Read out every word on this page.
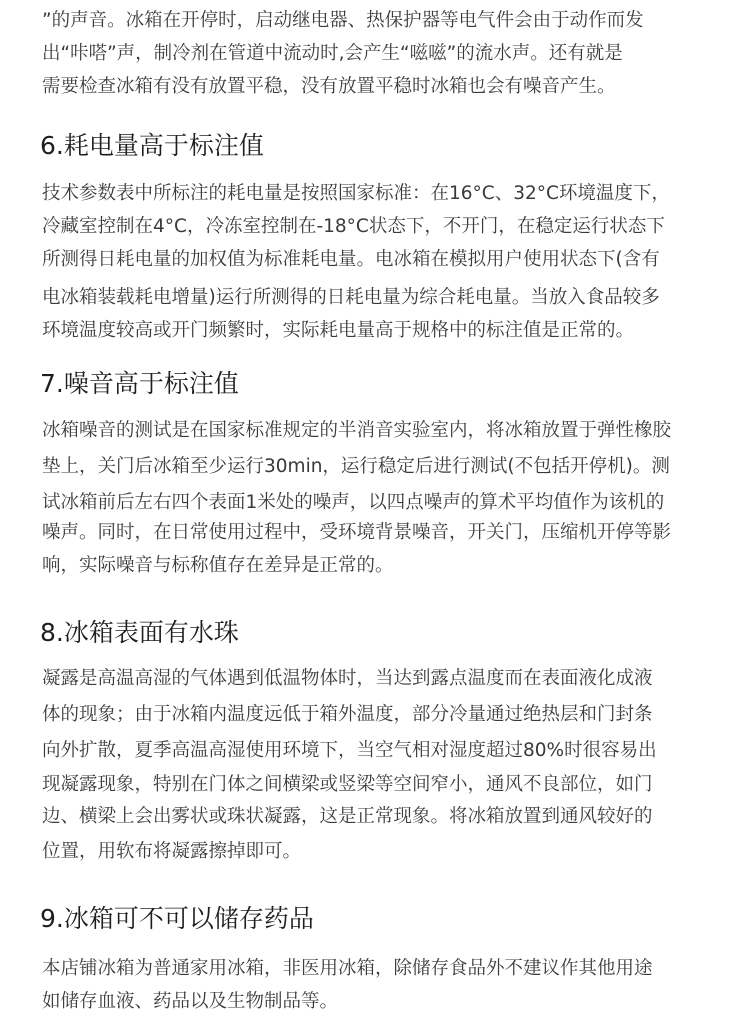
”的声音。冰箱在开停时，启动继电器、热保护器等电气件会由于动作而发
出“咔嗒”声，制冷剂在管道中流动时,会产生“嗞嗞”的流水声。还有就是
需要检查冰箱有没有放置平稳，没有放置平稳时冰箱也会有噪音产生。
6.耗电量高于标注值
技术参数表中所标注的耗电量是按照国家标准：在16°C、32°C环境温度下，
冷藏室控制在4°C，冷冻室控制在-18°C状态下，不开门，在稳定运行状态下
所测得日耗电量的加权值为标准耗电量。电冰箱在模拟用户使用状态下(含有
电冰箱装载耗电增量)运行所测得的日耗电量为综合耗电量。当放入食品较多
环境温度较高或开门频繁时，实际耗电量高于规格中的标注值是正常的。
7.噪音高于标注值
冰箱噪音的测试是在国家标准规定的半消音实验室内，将冰箱放置于弹性橡胶
垫上，关门后冰箱至少运行30min，运行稳定后进行测试(不包括开停机)。测
试冰箱前后左右四个表面1米处的噪声，以四点噪声的算术平均值作为该机的
噪声。同时，在日常使用过程中，受环境背景噪音，开关门，压缩机开停等影
响，实际噪音与标称值存在差异是正常的。
8.冰箱表面有水珠
凝露是高温高湿的气体遇到低温物体时，当达到露点温度而在表面液化成液
体的现象；由于冰箱内温度远低于箱外温度，部分冷量通过绝热层和门封条
向外扩散，夏季高温高湿使用环境下，当空气相对湿度超过80%时很容易出
现凝露现象，特别在门体之间横梁或竖梁等空间窄小，通风不良部位，如门
边、横梁上会出雾状或珠状凝露，这是正常现象。将冰箱放置到通风较好的
位置，用软布将凝露擦掉即可。
9.冰箱可不可以储存药品
本店铺冰箱为普通家用冰箱，非医用冰箱，除储存食品外不建议作其他用途
如储存血液、药品以及生物制品等。
